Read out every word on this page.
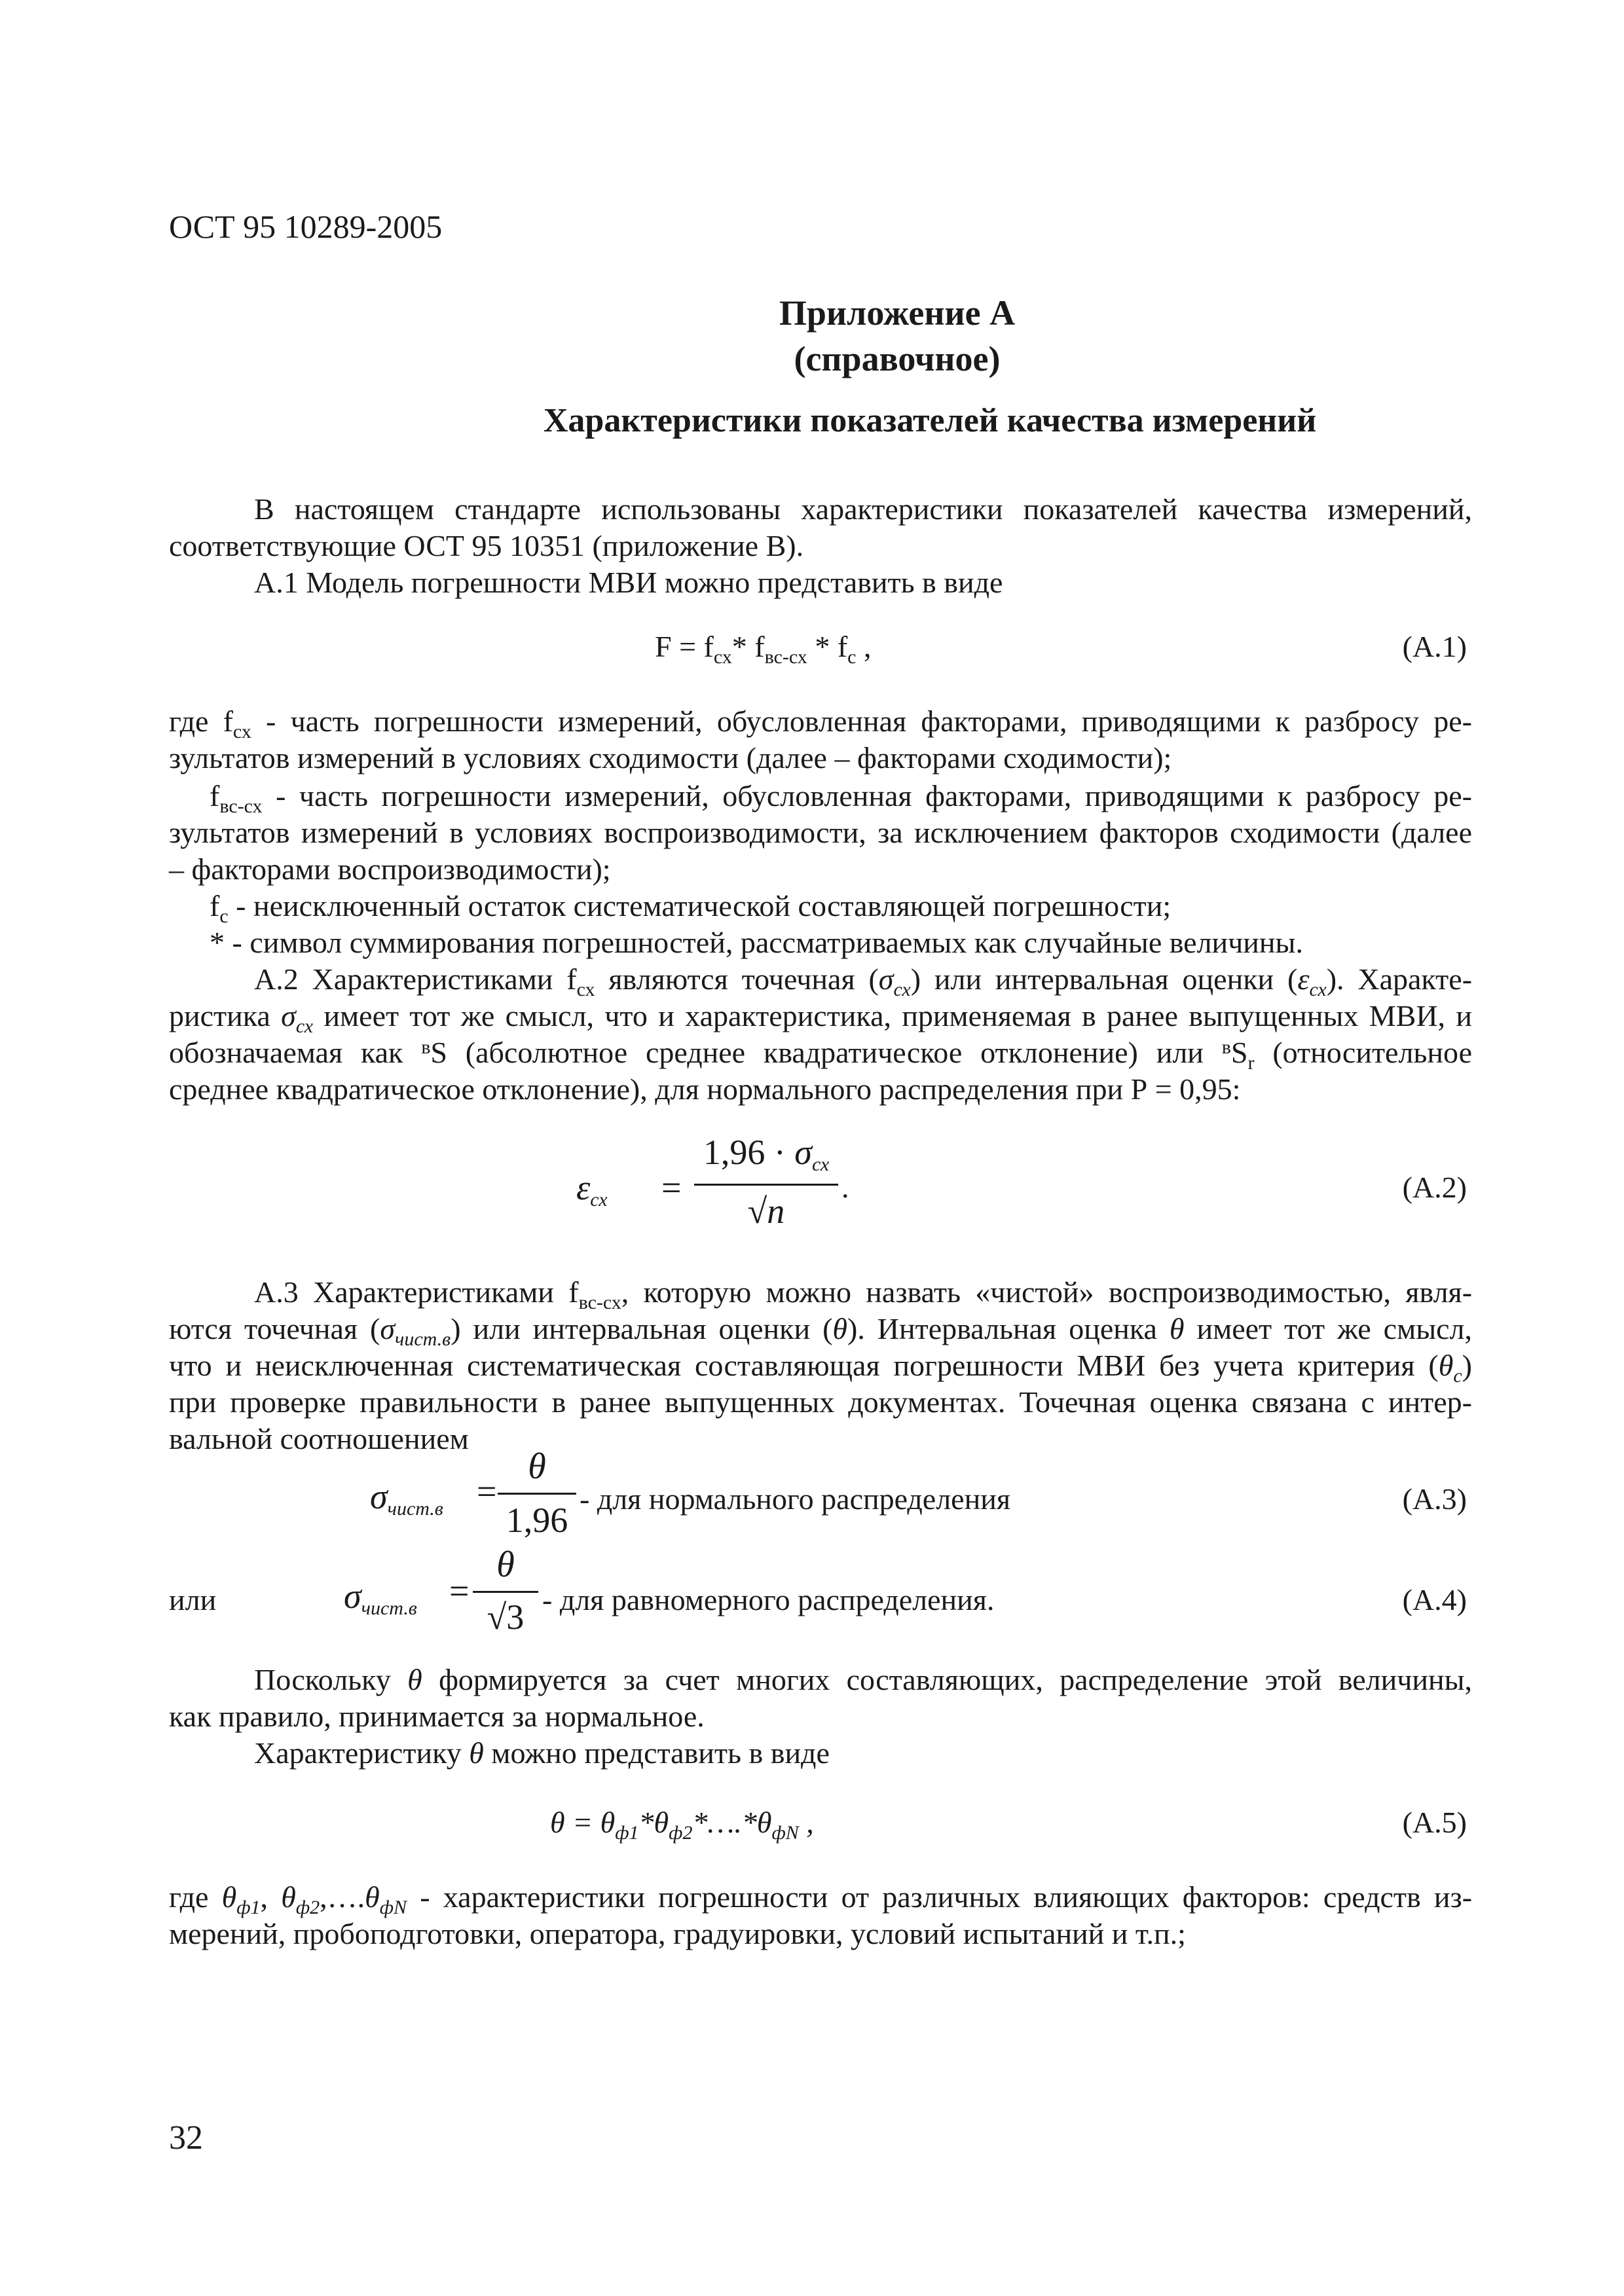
ОСТ 95 10289-2005
Приложение А
(справочное)
Характеристики показателей качества измерений
В настоящем стандарте использованы характеристики показателей качества измерений,
соответствующие ОСТ 95 10351 (приложение В).
А.1 Модель погрешности МВИ можно представить в виде
$F = f_{сх}*$ $f_{вс-сх} * f_с$ ,	(А.1)
где $f_{сх}$ - часть погрешности измерений, обусловленная факторами, приводящими к разбросу ре-
зультатов измерений в условиях сходимости (далее – факторами сходимости);
$f_{вс-сх}$ - часть погрешности измерений, обусловленная факторами, приводящими к разбросу ре-
зультатов измерений в условиях воспроизводимости, за исключением факторов сходимости (далее
– факторами воспроизводимости);
$f_с$ - неисключенный остаток систематической составляющей погрешности;
* - символ суммирования погрешностей, рассматриваемых как случайные величины.
А.2 Характеристиками $f_{сх}$ являются точечная $(\sigma_{сх})$ или интервальная оценки $(\varepsilon_{сх})$. Характе-
ристика $\sigma_{сх}$ имеет тот же смысл, что и характеристика, применяемая в ранее выпущенных МВИ, и
обозначаемая как $^в$S (абсолютное среднее квадратическое отклонение) или $^вS_r$ (относительное
среднее квадратическое отклонение), для нормального распределения при Р = 0,95:
$\varepsilon_{сх}$ =
$1,96 \cdot \sigma_{сх}$
√n
.	(А.2)
А.3 Характеристиками $f_{вс-сх}$, которую можно назвать «чистой» воспроизводимостью, явля-
ются точечная $(\sigma_{чист.в})$ или интервальная оценки (θ). Интервальная оценка θ имеет тот же смысл,
что и неисключенная систематическая составляющая погрешности МВИ без учета критерия $(\theta_с)$
при проверке правильности в ранее выпущенных документах. Точечная оценка связана с интер-
вальной соотношением
$\sigma_{чист.в}$ =
θ
1,96
- для нормального распределения	(А.3)
или	$\sigma_{чист.в}$ =
θ
√3 - для равномерного распределения.	(А.4)
Поскольку θ формируется за счет многих составляющих, распределение этой величины,
как правило, принимается за нормальное.
Характеристику θ можно представить в виде
$\theta = \theta_{ф1}*\theta_{ф2}*\dots.*\theta_{фN}$ ,	(А.5)
где $\theta_{ф1}$, $\theta_{ф2},\dots.\theta_{фN}$ - характеристики погрешности от различных влияющих факторов: средств из-
мерений, пробоподготовки, оператора, градуировки, условий испытаний и т.п.;
32
